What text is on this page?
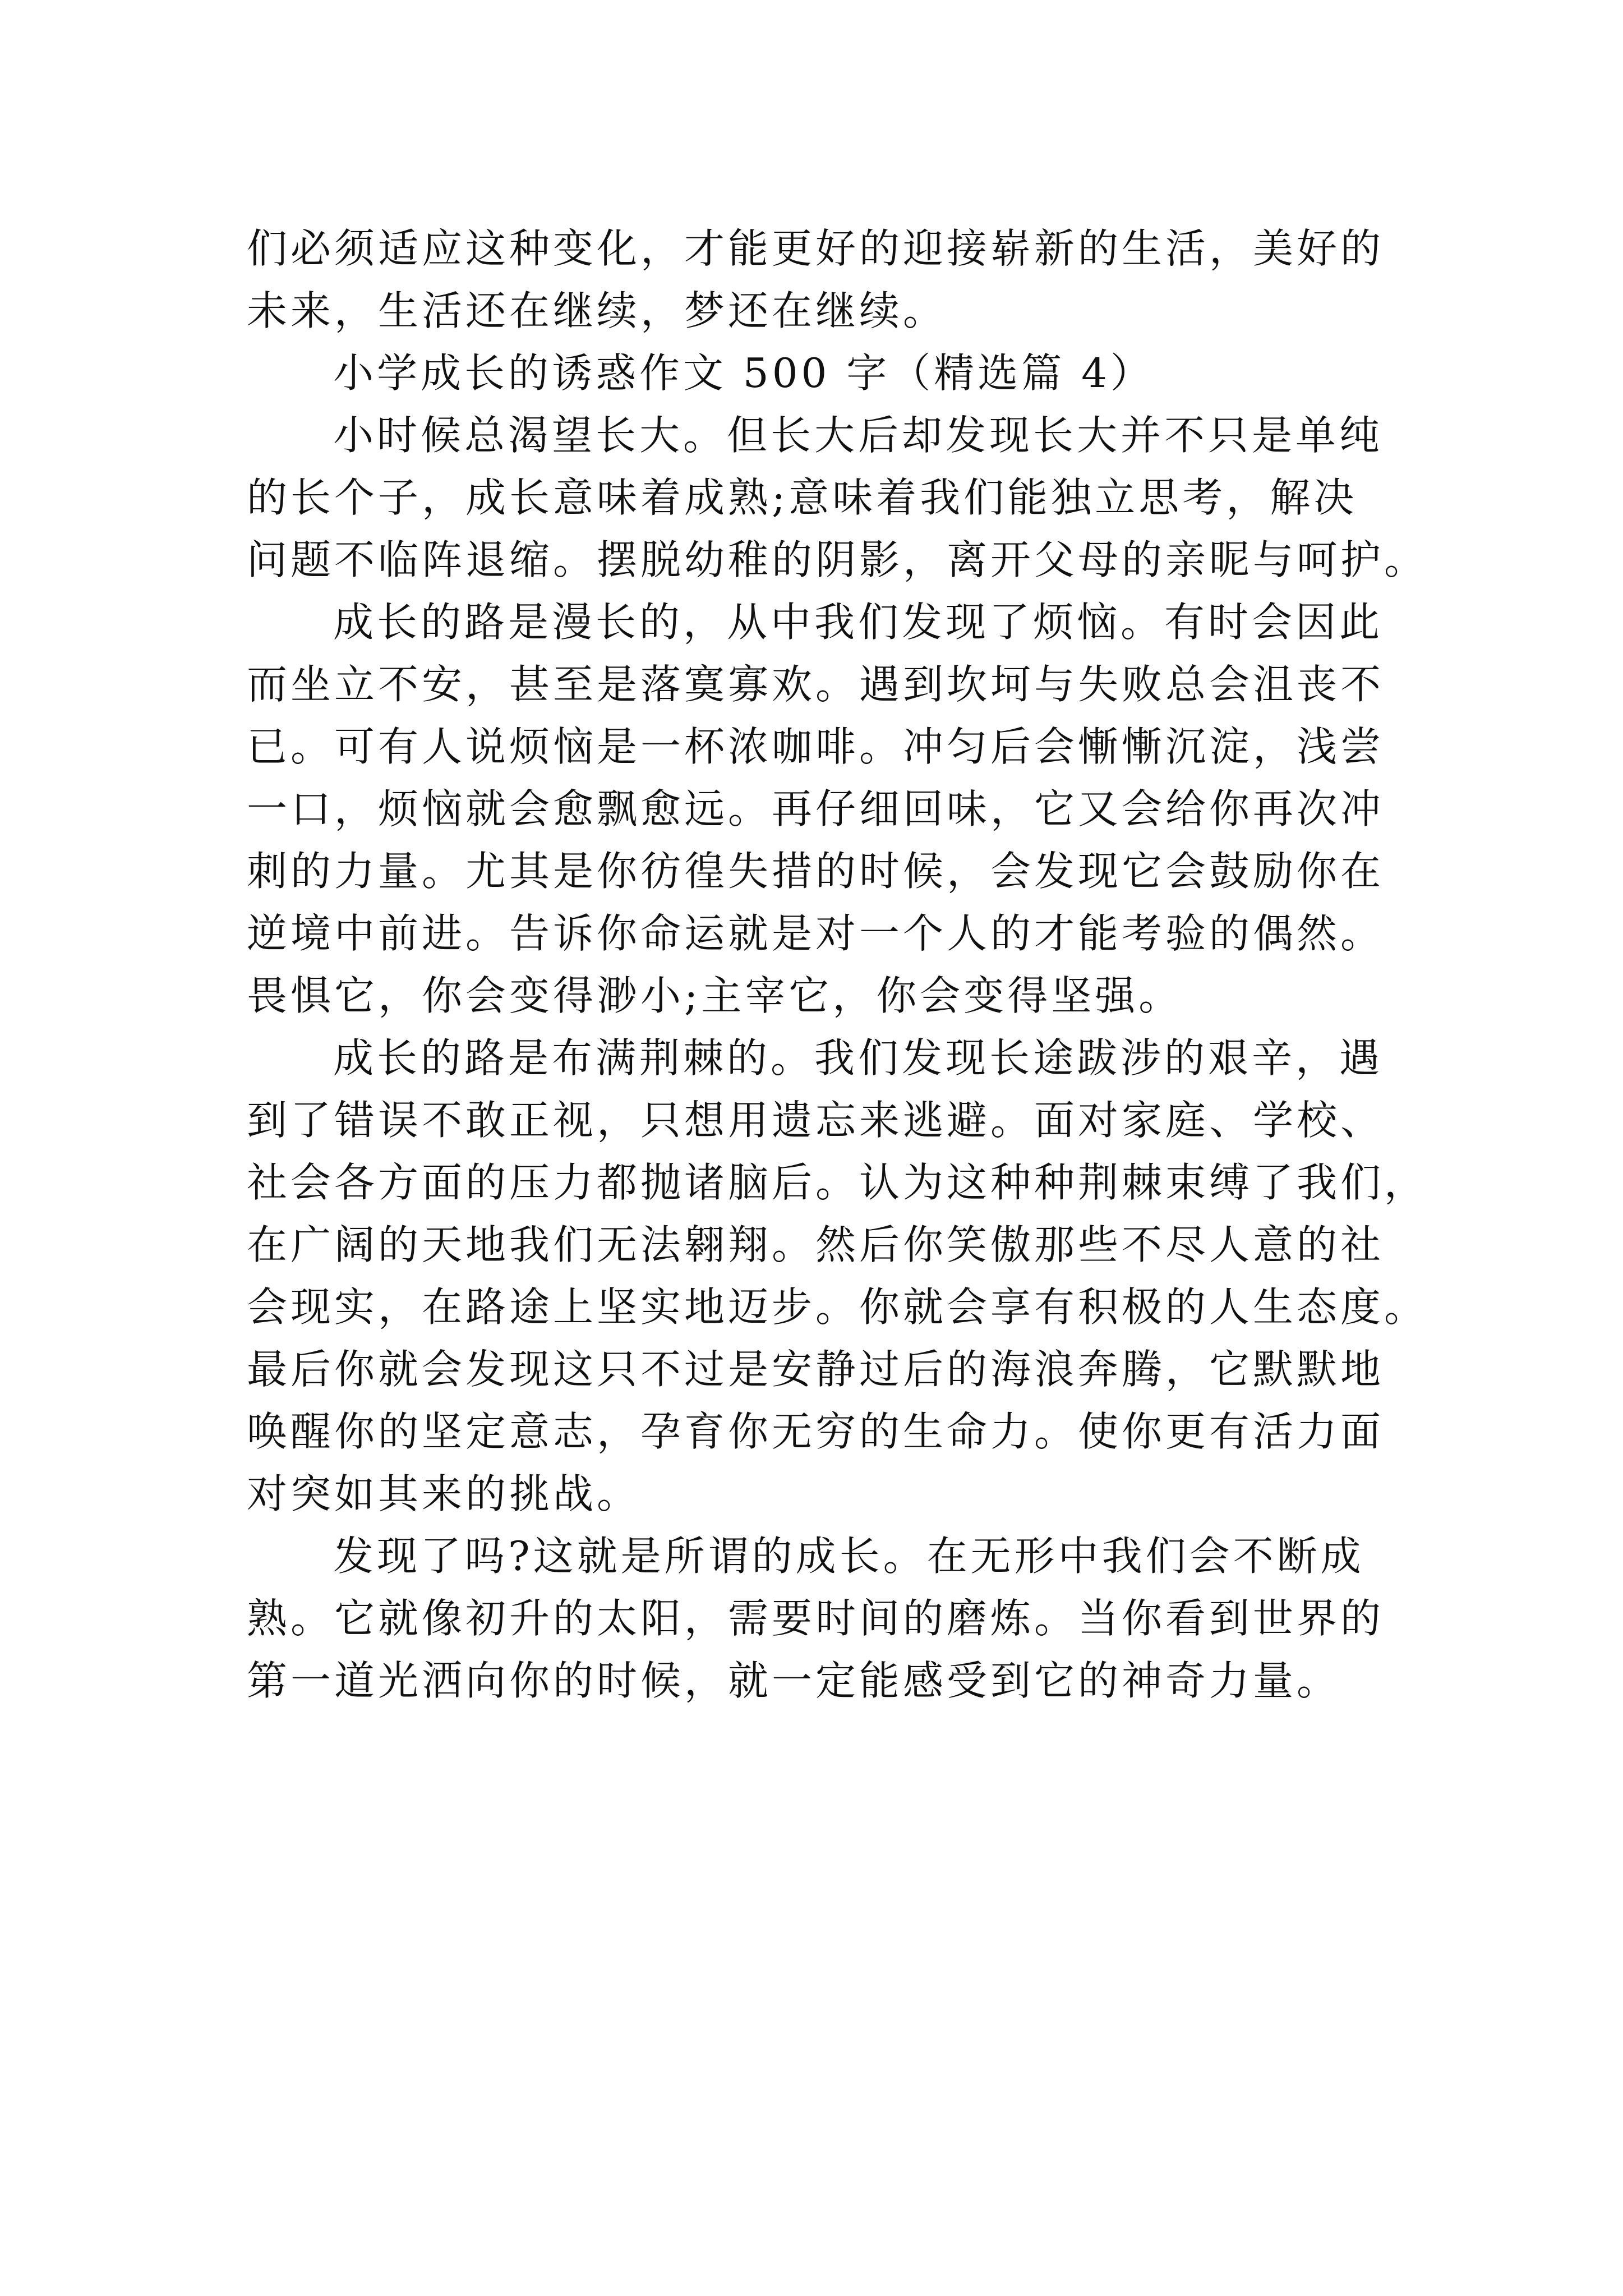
们必须适应这种变化，才能更好的迎接崭新的生活，美好的
未来，生活还在继续，梦还在继续。
小学成长的诱惑作文 500 字（精选篇 4）
小时候总渴望长大。但长大后却发现长大并不只是单纯
的长个子，成长意味着成熟;意味着我们能独立思考，解决
问题不临阵退缩。摆脱幼稚的阴影，离开父母的亲昵与呵护。
成长的路是漫长的，从中我们发现了烦恼。有时会因此
而坐立不安，甚至是落寞寡欢。遇到坎坷与失败总会沮丧不
已。可有人说烦恼是一杯浓咖啡。冲匀后会慚慚沉淀，浅尝
一口，烦恼就会愈飘愈远。再仔细回味，它又会给你再次冲
刺的力量。尤其是你彷徨失措的时候，会发现它会鼓励你在
逆境中前进。告诉你命运就是对一个人的才能考验的偶然。
畏惧它，你会变得渺小;主宰它，你会变得坚强。
成长的路是布满荆棘的。我们发现长途跋涉的艰辛，遇
到了错误不敢正视，只想用遗忘来逃避。面对家庭、学校、
社会各方面的压力都抛诸脑后。认为这种种荆棘束缚了我们，
在广阔的天地我们无法翱翔。然后你笑傲那些不尽人意的社
会现实，在路途上坚实地迈步。你就会享有积极的人生态度。
最后你就会发现这只不过是安静过后的海浪奔腾，它默默地
唤醒你的坚定意志，孕育你无穷的生命力。使你更有活力面
对突如其来的挑战。
发现了吗?这就是所谓的成长。在无形中我们会不断成
熟。它就像初升的太阳，需要时间的磨炼。当你看到世界的
第一道光洒向你的时候，就一定能感受到它的神奇力量。
